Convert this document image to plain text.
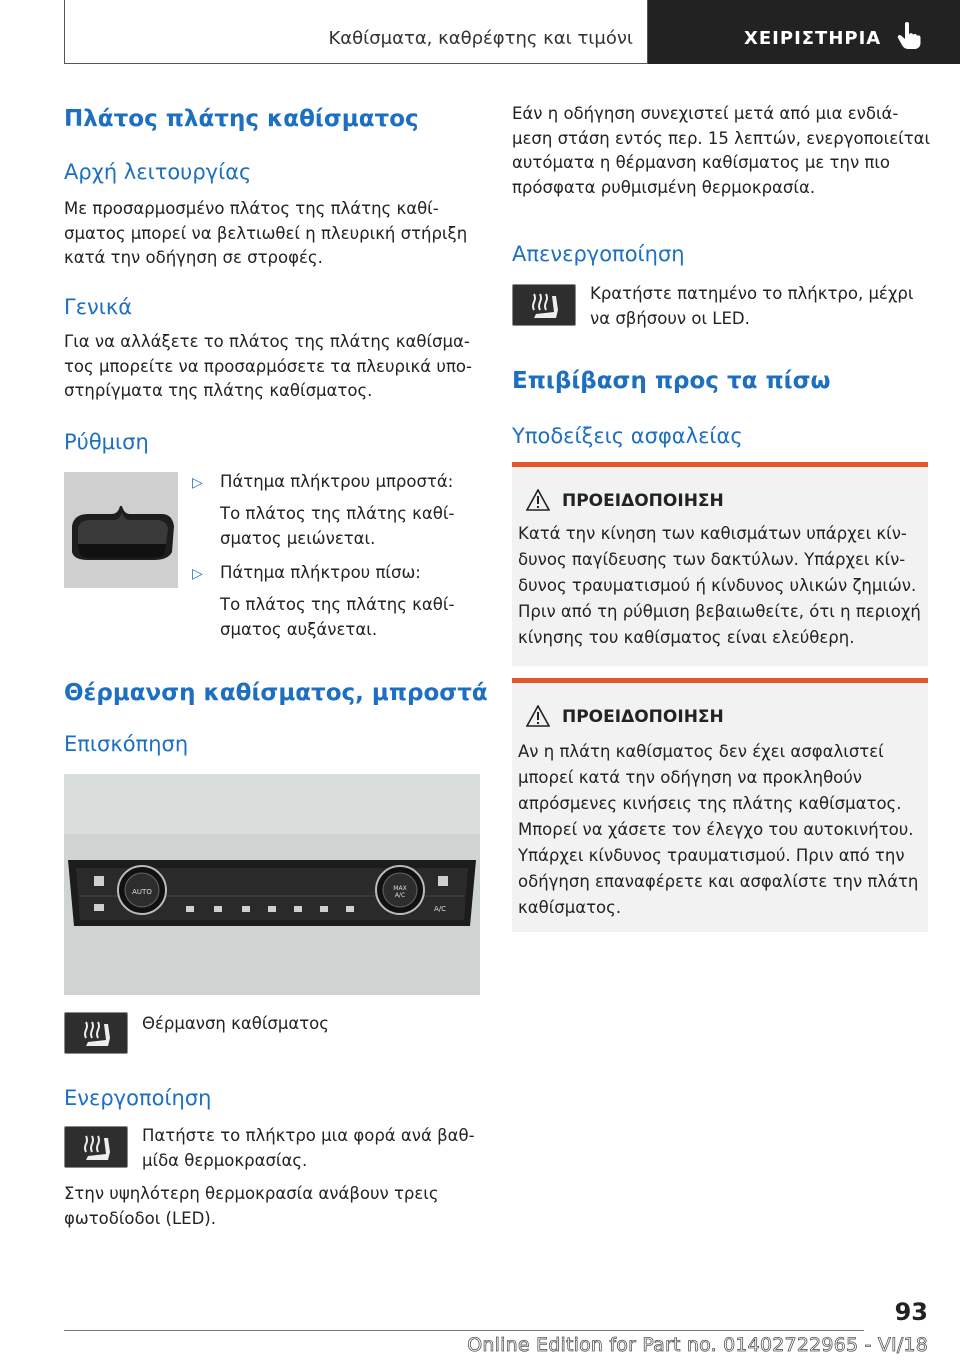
Καθίσματα, καθρέφτης και τιμόνι	ΧΕΙΡΙΣΤΗΡΙΑ
Πλάτος πλάτης καθίσματος
Αρχή λειτουργίας
Με προσαρμοσμένο πλάτος της πλάτης καθί-
σματος μπορεί να βελτιωθεί η πλευρική στήριξη
κατά την οδήγηση σε στροφές.
Γενικά
Για να αλλάξετε το πλάτος της πλάτης καθίσμα-
τος μπορείτε να προσαρμόσετε τα πλευρικά υπο-
στηρίγματα της πλάτης καθίσματος.
Ρύθμιση
▷ Πάτημα πλήκτρου μπροστά:
Το πλάτος της πλάτης καθί-
σματος μειώνεται.
▷ Πάτημα πλήκτρου πίσω:
Το πλάτος της πλάτης καθί-
σματος αυξάνεται.
Θέρμανση καθίσματος, μπροστά
Επισκόπηση
AUTO	MAX
A/C
A/C
Θέρμανση καθίσματος
Ενεργοποίηση
Πατήστε το πλήκτρο μια φορά ανά βαθ-
μίδα θερμοκρασίας.
Στην υψηλότερη θερμοκρασία ανάβουν τρεις
φωτοδίοδοι (LED).
Εάν η οδήγηση συνεχιστεί μετά από μια ενδιά-
μεση στάση εντός περ. 15 λεπτών, ενεργοποιείται
αυτόματα η θέρμανση καθίσματος με την πιο
πρόσφατα ρυθμισμένη θερμοκρασία.
Απενεργοποίηση
Κρατήστε πατημένο το πλήκτρο, μέχρι
να σβήσουν οι LED.
Επιβίβαση προς τα πίσω
Υποδείξεις ασφαλείας
ΠΡΟΕΙΔΟΠΟΙΗΣΗ
Κατά την κίνηση των καθισμάτων υπάρχει κίν-
δυνος παγίδευσης των δακτύλων. Υπάρχει κίν-
δυνος τραυματισμού ή κίνδυνος υλικών ζημιών.
Πριν από τη ρύθμιση βεβαιωθείτε, ότι η περιοχή
κίνησης του καθίσματος είναι ελεύθερη.
ΠΡΟΕΙΔΟΠΟΙΗΣΗ
Αν η πλάτη καθίσματος δεν έχει ασφαλιστεί
μπορεί κατά την οδήγηση να προκληθούν
απρόσμενες κινήσεις της πλάτης καθίσματος.
Μπορεί να χάσετε τον έλεγχο του αυτοκινήτου.
Υπάρχει κίνδυνος τραυματισμού. Πριν από την
οδήγηση επαναφέρετε και ασφαλίστε την πλάτη
καθίσματος.
93
Online Edition for Part no. 01402722965 - VI/18
